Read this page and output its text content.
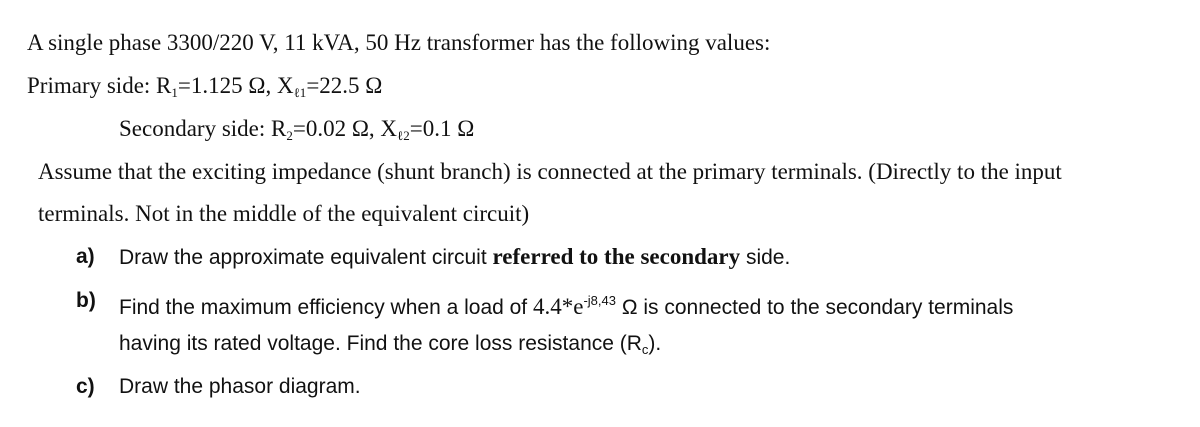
A single phase 3300/220 V, 11 kVA, 50 Hz transformer has the following values:
Primary side: $R_1=1.125$ Ω, $X_{\ell 1}=22.5$ Ω
Secondary side: $R_2=0.02$ Ω, $X_{\ell 2}=0.1$ Ω
Assume that the exciting impedance (shunt branch) is connected at the primary terminals. (Directly to the input
terminals. Not in the middle of the equivalent circuit)
a) Draw the approximate equivalent circuit referred to the secondary side.
b) Find the maximum efficiency when a load of $4.4*e^{-j8,43}$ Ω is connected to the secondary terminals
having its rated voltage. Find the core loss resistance $(R_c)$.
c) Draw the phasor diagram.
